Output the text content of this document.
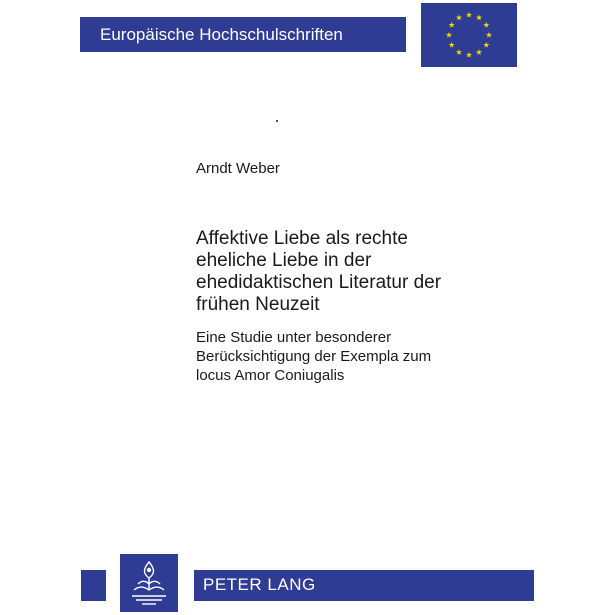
Europäische Hochschulschriften
Arndt Weber
Affektive Liebe als rechte
eheliche Liebe in der
ehedidaktischen Literatur der
frühen Neuzeit
Eine Studie unter besonderer
Berücksichtigung der Exempla zum
locus Amor Coniugalis
PETER LANG
